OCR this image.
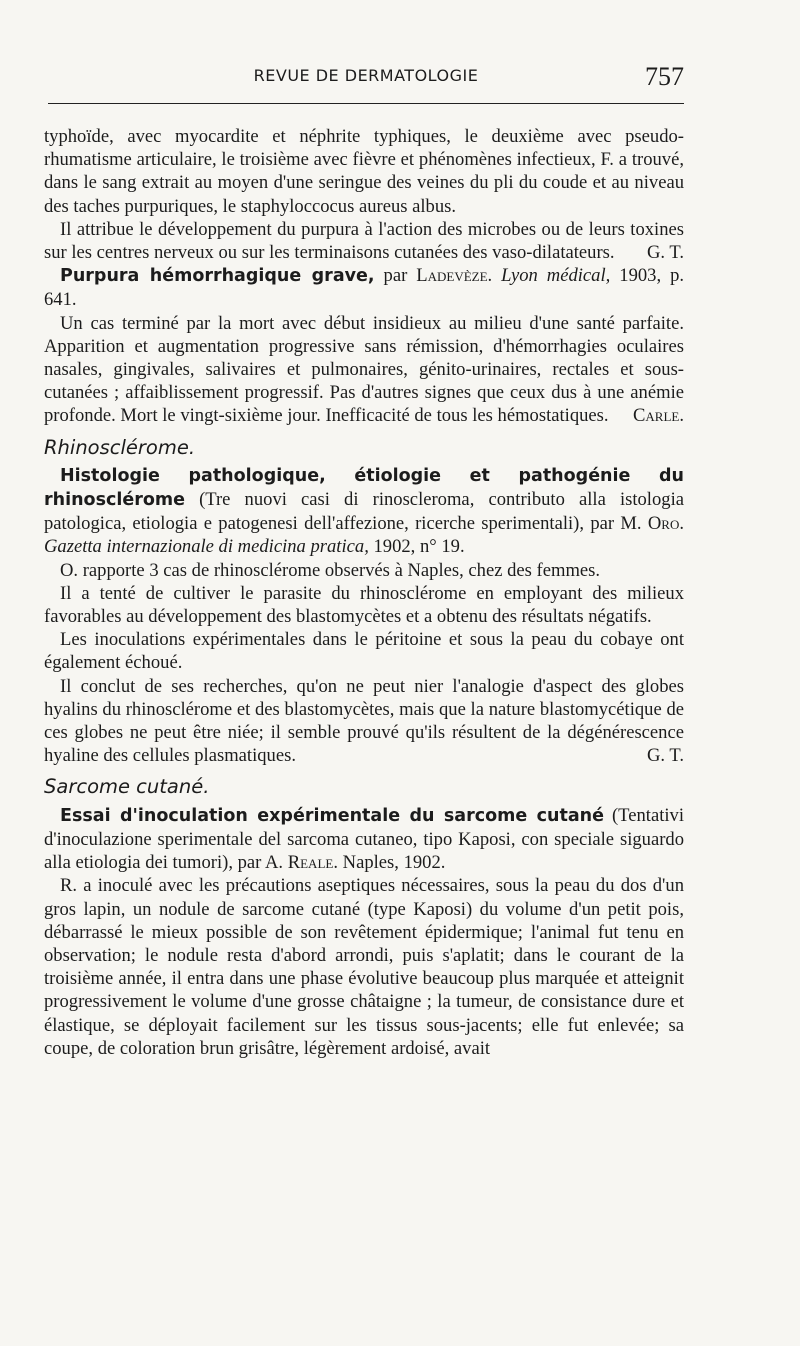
REVUE DE DERMATOLOGIE	757

typhoïde, avec myocardite et néphrite typhiques, le deuxième avec pseudo-rhumatisme articulaire, le troisième avec fièvre et phénomènes infectieux, F. a trouvé, dans le sang extrait au moyen d'une seringue des veines du pli du coude et au niveau des taches purpuriques, le staphyloccocus aureus albus.

Il attribue le développement du purpura à l'action des microbes ou de leurs toxines sur les centres nerveux ou sur les terminaisons cutanées des vaso-dilatateurs.	G. T.

Purpura hémorrhagique grave, par Ladevèze. Lyon médical, 1903, p. 641.

Un cas terminé par la mort avec début insidieux au milieu d'une santé parfaite. Apparition et augmentation progressive sans rémission, d'hémorrhagies oculaires nasales, gingivales, salivaires et pulmonaires, génito-urinaires, rectales et sous-cutanées ; affaiblissement progressif. Pas d'autres signes que ceux dus à une anémie profonde. Mort le vingt-sixième jour. Inefficacité de tous les hémostatiques.	Carle.

Rhinosclérome.

Histologie pathologique, étiologie et pathogénie du rhinosclérome (Tre nuovi casi di rinoscleroma, contributo alla istologia patologica, etiologia e patogenesi dell'affezione, ricerche sperimentali), par M. Oro. Gazetta internazionale di medicina pratica, 1902, n° 19.

O. rapporte 3 cas de rhinosclérome observés à Naples, chez des femmes.

Il a tenté de cultiver le parasite du rhinosclérome en employant des milieux favorables au développement des blastomycètes et a obtenu des résultats négatifs.

Les inoculations expérimentales dans le péritoine et sous la peau du cobaye ont également échoué.

Il conclut de ses recherches, qu'on ne peut nier l'analogie d'aspect des globes hyalins du rhinosclérome et des blastomycètes, mais que la nature blastomycétique de ces globes ne peut être niée; il semble prouvé qu'ils résultent de la dégénérescence hyaline des cellules plasmatiques.	G. T.

Sarcome cutané.

Essai d'inoculation expérimentale du sarcome cutané (Tentativi d'inoculazione sperimentale del sarcoma cutaneo, tipo Kaposi, con speciale siguardo alla etiologia dei tumori), par A. Reale. Naples, 1902.

R. a inoculé avec les précautions aseptiques nécessaires, sous la peau du dos d'un gros lapin, un nodule de sarcome cutané (type Kaposi) du volume d'un petit pois, débarrassé le mieux possible de son revêtement épidermique; l'animal fut tenu en observation; le nodule resta d'abord arrondi, puis s'aplatit; dans le courant de la troisième année, il entra dans une phase évolutive beaucoup plus marquée et atteignit progressivement le volume d'une grosse châtaigne ; la tumeur, de consistance dure et élastique, se déployait facilement sur les tissus sous-jacents; elle fut enlevée; sa coupe, de coloration brun grisâtre, légèrement ardoisé, avait
